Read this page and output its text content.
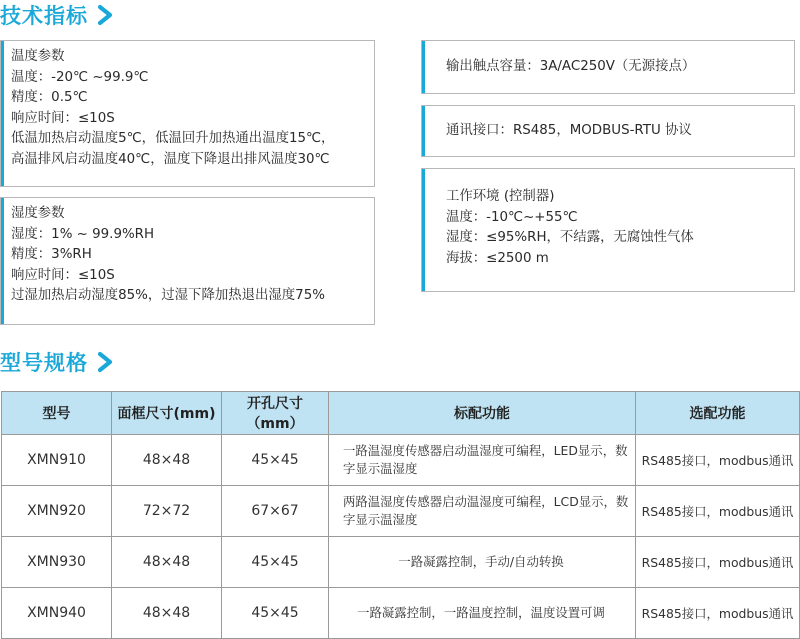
技术指标
温度参数
温度：-20℃ ~99.9℃
精度：0.5℃
响应时间：≤10S
低温加热启动温度5℃，低温回升加热通出温度15℃，
高温排风启动温度40℃，温度下降退出排风温度30℃
湿度参数
湿度：1% ~ 99.9%RH
精度：3%RH
响应时间：≤10S
过湿加热启动湿度85%，过湿下降加热退出湿度75%
输出触点容量：3A/AC250V（无源接点）
通讯接口：RS485，MODBUS-RTU 协议
工作环境 (控制器)
温度：-10℃~+55℃
湿度：≤95%RH，不结露，无腐蚀性气体
海拔：≤2500 m
型号规格
型号	面框尺寸(mm)	开孔尺寸（mm）	标配功能	选配功能
XMN910	48×48	45×45	一路温湿度传感器启动温湿度可编程，LED显示，数字显示温湿度	RS485接口，modbus通讯
XMN920	72×72	67×67	两路温湿度传感器启动温湿度可编程，LCD显示，数字显示温湿度	RS485接口，modbus通讯
XMN930	48×48	45×45	一路凝露控制，手动/自动转换	RS485接口，modbus通讯
XMN940	48×48	45×45	一路凝露控制，一路温度控制，温度设置可调	RS485接口，modbus通讯
